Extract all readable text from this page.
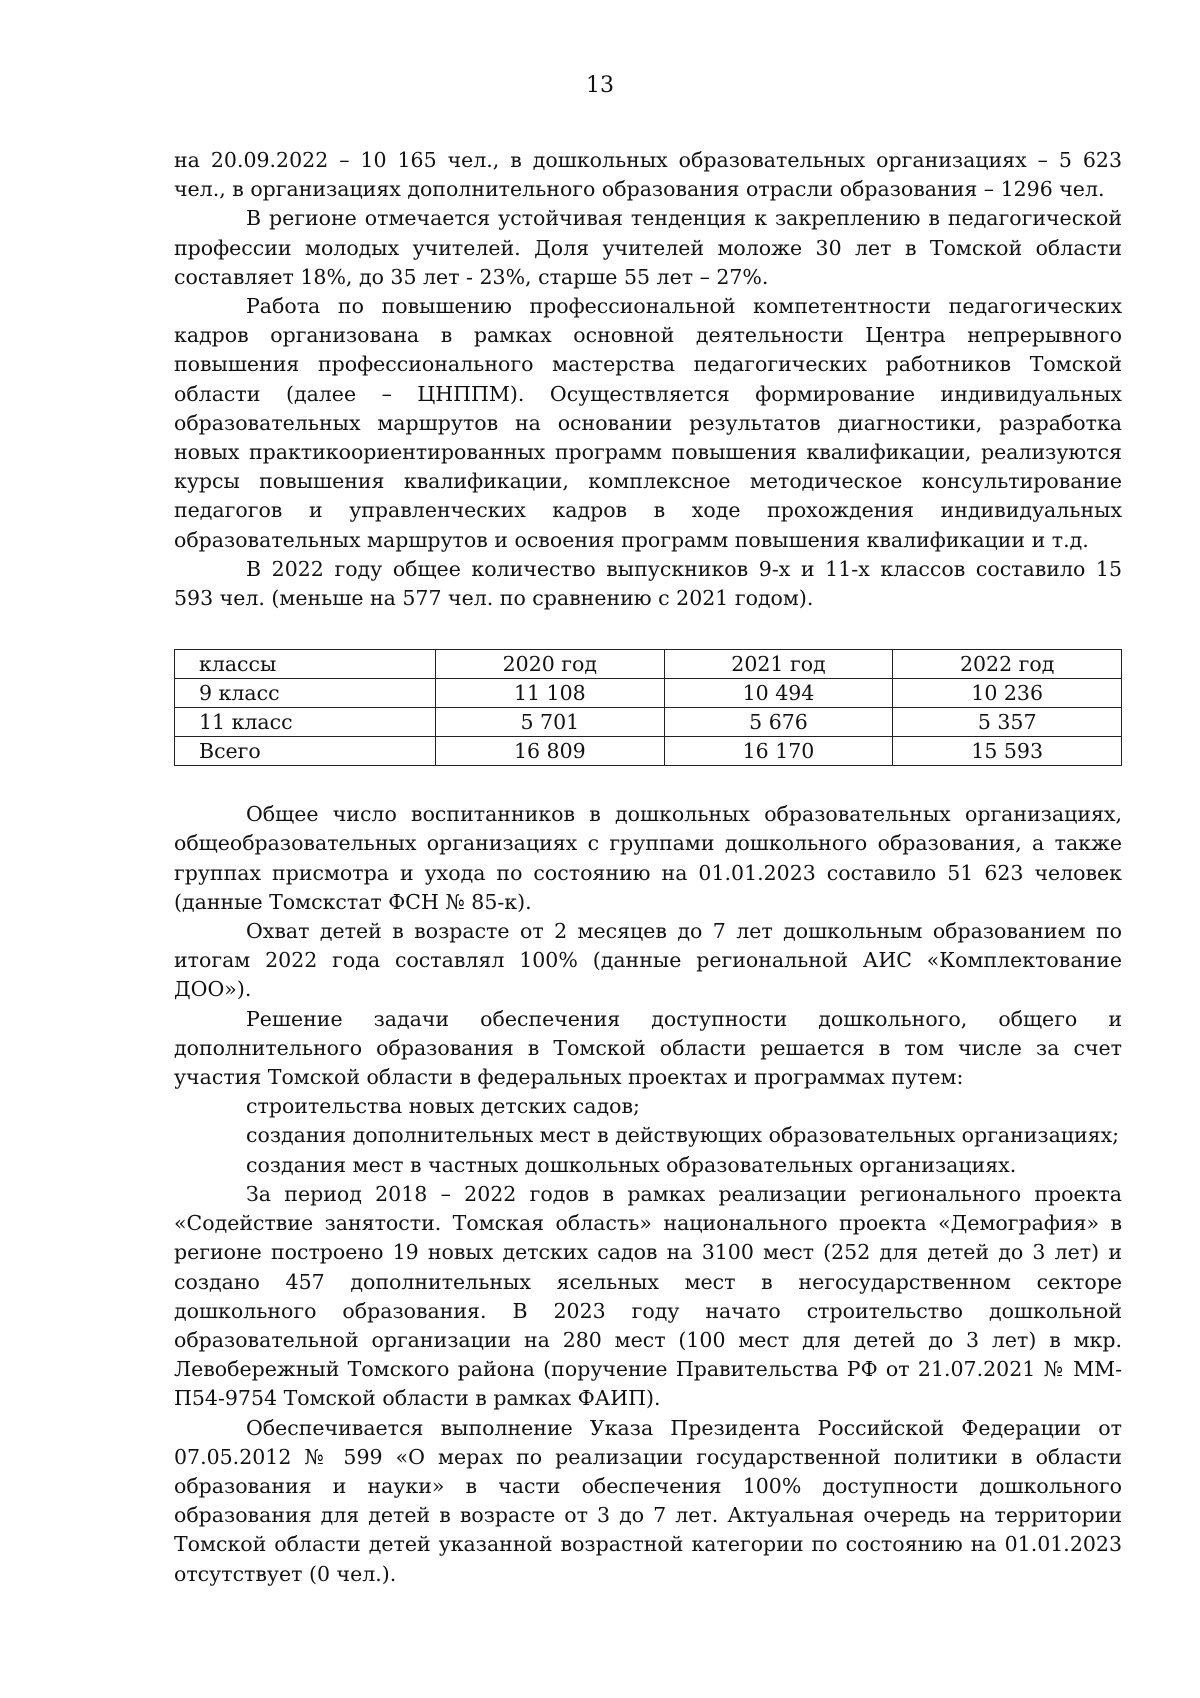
13

на 20.09.2022 – 10 165 чел., в дошкольных образовательных организациях – 5 623 чел., в организациях дополнительного образования отрасли образования – 1296 чел.

В регионе отмечается устойчивая тенденция к закреплению в педагогической профессии молодых учителей. Доля учителей моложе 30 лет в Томской области составляет 18%, до 35 лет - 23%, старше 55 лет – 27%.

Работа по повышению профессиональной компетентности педагогических кадров организована в рамках основной деятельности Центра непрерывного повышения профессионального мастерства педагогических работников Томской области (далее – ЦНППМ). Осуществляется формирование индивидуальных образовательных маршрутов на основании результатов диагностики, разработка новых практикоориентированных программ повышения квалификации, реализуются курсы повышения квалификации, комплексное методическое консультирование педагогов и управленческих кадров в ходе прохождения индивидуальных образовательных маршрутов и освоения программ повышения квалификации и т.д.

В 2022 году общее количество выпускников 9-х и 11-х классов составило 15 593 чел. (меньше на 577 чел. по сравнению с 2021 годом).

классы	2020 год	2021 год	2022 год
9 класс	11 108	10 494	10 236
11 класс	5 701	5 676	5 357
Всего	16 809	16 170	15 593

Общее число воспитанников в дошкольных образовательных организациях, общеобразовательных организациях с группами дошкольного образования, а также группах присмотра и ухода по состоянию на 01.01.2023 составило 51 623 человек (данные Томскстат ФСН № 85-к).

Охват детей в возрасте от 2 месяцев до 7 лет дошкольным образованием по итогам 2022 года составлял 100% (данные региональной АИС «Комплектование ДОО»).

Решение задачи обеспечения доступности дошкольного, общего и дополнительного образования в Томской области решается в том числе за счет участия Томской области в федеральных проектах и программах путем:

строительства новых детских садов;

создания дополнительных мест в действующих образовательных организациях;

создания мест в частных дошкольных образовательных организациях.

За период 2018 – 2022 годов в рамках реализации регионального проекта «Содействие занятости. Томская область» национального проекта «Демография» в регионе построено 19 новых детских садов на 3100 мест (252 для детей до 3 лет) и создано 457 дополнительных ясельных мест в негосударственном секторе дошкольного образования. В 2023 году начато строительство дошкольной образовательной организации на 280 мест (100 мест для детей до 3 лет) в мкр. Левобережный Томского района (поручение Правительства РФ от 21.07.2021 № ММ-П54-9754 Томской области в рамках ФАИП).

Обеспечивается выполнение Указа Президента Российской Федерации от 07.05.2012 № 599 «О мерах по реализации государственной политики в области образования и науки» в части обеспечения 100% доступности дошкольного образования для детей в возрасте от 3 до 7 лет. Актуальная очередь на территории Томской области детей указанной возрастной категории по состоянию на 01.01.2023 отсутствует (0 чел.).
